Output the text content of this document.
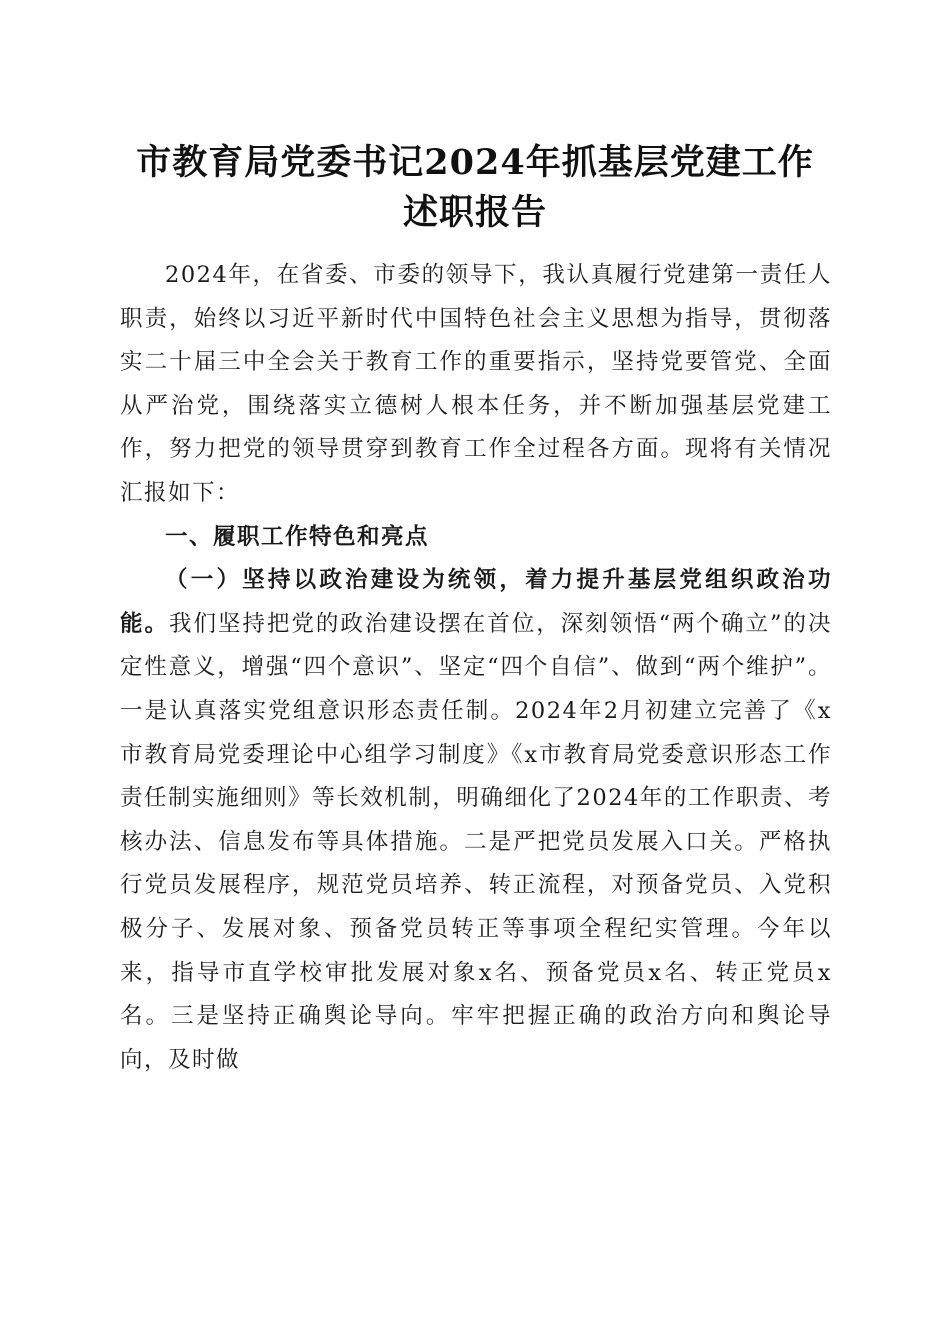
市教育局党委书记2024年抓基层党建工作述职报告

2024年，在省委、市委的领导下，我认真履行党建第一责任人职责，始终以习近平新时代中国特色社会主义思想为指导，贯彻落实二十届三中全会关于教育工作的重要指示，坚持党要管党、全面从严治党，围绕落实立德树人根本任务，并不断加强基层党建工作，努力把党的领导贯穿到教育工作全过程各方面。现将有关情况汇报如下：

一、履职工作特色和亮点

（一）坚持以政治建设为统领，着力提升基层党组织政治功能。我们坚持把党的政治建设摆在首位，深刻领悟“两个确立”的决定性意义，增强“四个意识”、坚定“四个自信”、做到“两个维护”。一是认真落实党组意识形态责任制。2024年2月初建立完善了《x市教育局党委理论中心组学习制度》《x市教育局党委意识形态工作责任制实施细则》等长效机制，明确细化了2024年的工作职责、考核办法、信息发布等具体措施。二是严把党员发展入口关。严格执行党员发展程序，规范党员培养、转正流程，对预备党员、入党积极分子、发展对象、预备党员转正等事项全程纪实管理。今年以来，指导市直学校审批发展对象x名、预备党员x名、转正党员x名。三是坚持正确舆论导向。牢牢把握正确的政治方向和舆论导向，及时做
